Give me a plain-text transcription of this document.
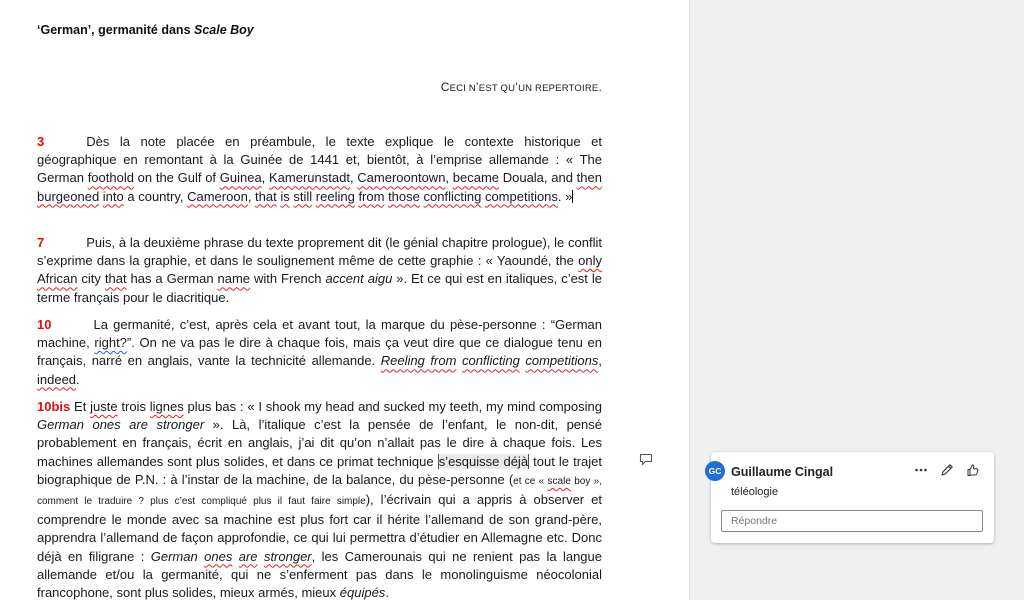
‘German’, germanité dans Scale Boy
CECI N’EST QU’UN REPERTOIRE.
3	Dès la note placée en préambule, le texte explique le contexte historique et géographique en remontant à la Guinée de 1441 et, bientôt, à l’emprise allemande : « The German foothold on the Gulf of Guinea, Kamerunstadt, Cameroontown, became Douala, and then burgeoned into a country, Cameroon, that is still reeling from those conflicting competitions. »
7	Puis, à la deuxième phrase du texte proprement dit (le génial chapitre prologue), le conflit s’exprime dans la graphie, et dans le soulignement même de cette graphie : « Yaoundé, the only African city that has a German name with French accent aigu ». Et ce qui est en italiques, c’est le terme français pour le diacritique.
10	La germanité, c’est, après cela et avant tout, la marque du pèse-personne : “German machine, right?”. On ne va pas le dire à chaque fois, mais ça veut dire que ce dialogue tenu en français, narré en anglais, vante la technicité allemande. Reeling from conflicting competitions, indeed.
10bis Et juste trois lignes plus bas : « I shook my head and sucked my teeth, my mind composing German ones are stronger ». Là, l’italique c’est la pensée de l’enfant, le non-dit, pensé probablement en français, écrit en anglais, j’ai dit qu’on n’allait pas le dire à chaque fois. Les machines allemandes sont plus solides, et dans ce primat technique s’esquisse déjà tout le trajet biographique de P.N. : à l’instar de la machine, de la balance, du pèse-personne (et ce « scale boy », comment le traduire ? plus c’est compliqué plus il faut faire simple), l’écrivain qui a appris à observer et comprendre le monde avec sa machine est plus fort car il hérite l’allemand de son grand-père, apprendra l’allemand de façon approfondie, ce qui lui permettra d’étudier en Allemagne etc. Donc déjà en filigrane : German ones are stronger, les Camerounais qui ne renient pas la langue allemande et/ou la germanité, qui ne s’enferment pas dans le monolinguisme néocolonial francophone, sont plus solides, mieux armés, mieux équipés.
GC Guillaume Cingal
téléologie
Répondre
